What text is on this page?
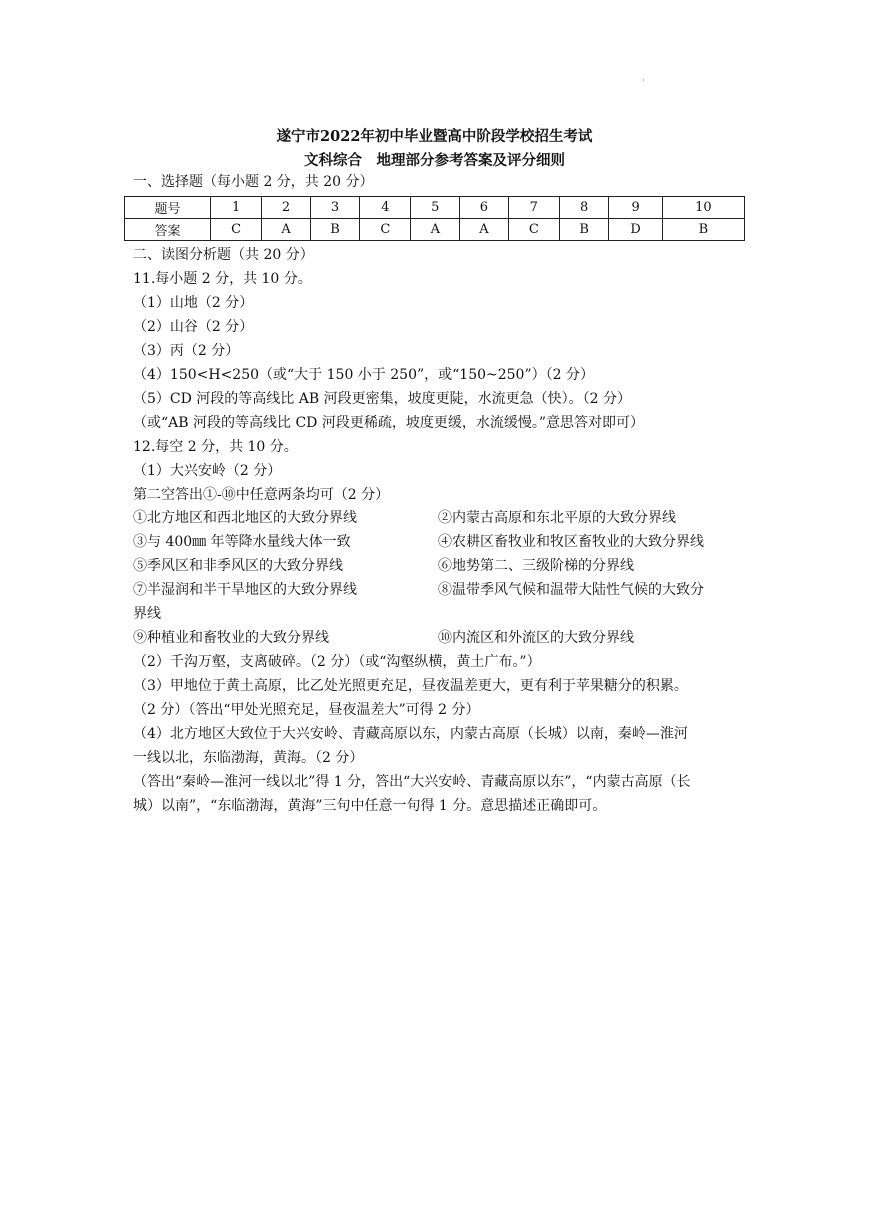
·
遂宁市2022年初中毕业暨高中阶段学校招生考试
文科综合　地理部分参考答案及评分细则
一、选择题（每小题 2 分，共 20 分）
题号	1	2	3	4	5	6	7	8	9	10
答案	C	A	B	C	A	A	C	B	D	B
二、读图分析题（共 20 分）
11.每小题 2 分，共 10 分。
（1）山地（2 分）
（2）山谷（2 分）
（3）丙（2 分）
（4）150<H<250（或“大于 150 小于 250”，或“150~250”）（2 分）
（5）CD 河段的等高线比 AB 河段更密集，坡度更陡，水流更急（快）。（2 分）
（或“AB 河段的等高线比 CD 河段更稀疏，坡度更缓，水流缓慢。”意思答对即可）
12.每空 2 分，共 10 分。
（1）大兴安岭（2 分）
第二空答出①-⑩中任意两条均可（2 分）
①北方地区和西北地区的大致分界线	②内蒙古高原和东北平原的大致分界线
③与 400㎜ 年等降水量线大体一致	④农耕区畜牧业和牧区畜牧业的大致分界线
⑤季风区和非季风区的大致分界线	⑥地势第二、三级阶梯的分界线
⑦半湿润和半干旱地区的大致分界线	⑧温带季风气候和温带大陆性气候的大致分
界线
⑨种植业和畜牧业的大致分界线	⑩内流区和外流区的大致分界线
（2）千沟万壑，支离破碎。（2 分）（或“沟壑纵横，黄土广布。”）
（3）甲地位于黄土高原，比乙处光照更充足，昼夜温差更大，更有利于苹果糖分的积累。
（2 分）（答出“甲处光照充足，昼夜温差大”可得 2 分）
（4）北方地区大致位于大兴安岭、青藏高原以东，内蒙古高原（长城）以南，秦岭—淮河
一线以北，东临渤海，黄海。（2 分）
（答出“秦岭—淮河一线以北”得 1 分，答出“大兴安岭、青藏高原以东”，“内蒙古高原（长
城）以南”，“东临渤海，黄海”三句中任意一句得 1 分。意思描述正确即可。
